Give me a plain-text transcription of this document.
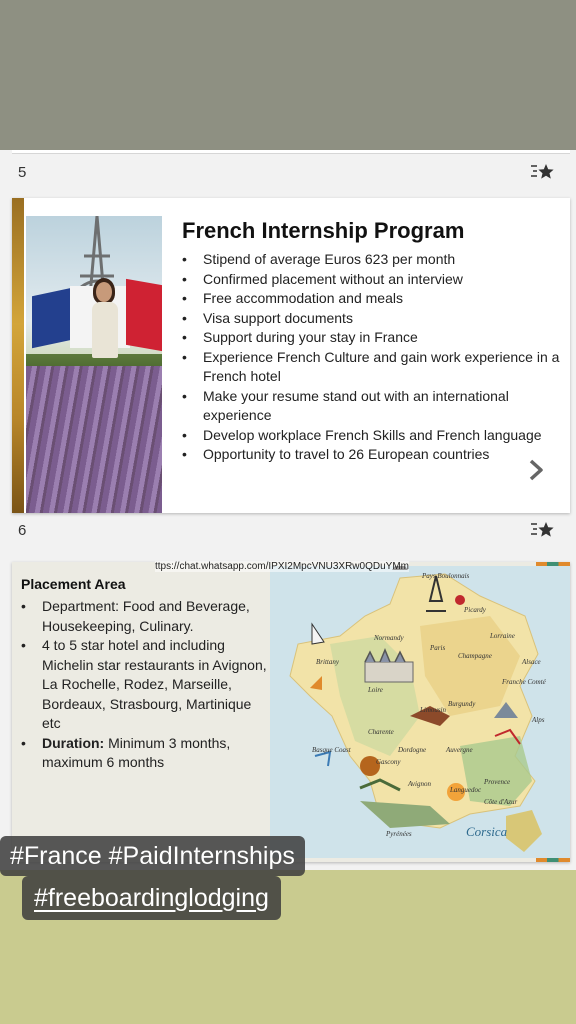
5
French Internship Program
• Stipend of average Euros 623 per month
• Confirmed placement without an interview
• Free accommodation and meals
• Visa support documents
• Support during your stay in France
• Experience French Culture and gain work experience in a French hotel
• Make your resume stand out with an international experience
• Develop workplace French Skills and French language
• Opportunity to travel to 26 European countries
6
Placement Area
• Department: Food and Beverage, Housekeeping, Culinary.
• 4 to 5 star hotel and including Michelin star restaurants in Avignon, La Rochelle, Rodez, Marseille, Bordeaux, Strasbourg, Martinique etc
• Duration: Minimum 3 months, maximum 6 months
Pays Boulonnais
Picardy
Normandy
Paris
Lorraine
Alsace
Brittany
Champagne
Franche Comté
Loire
Burgundy
Limousin
Alps
Charente
Basque Coast	Dordogne	Auvergne
Gascony
Avignon
Languedoc
Provence
Côte d'Azur
Pyrénées	Corsica
ttps://chat.whatsapp.com/IPXI2MpcVNU3XRw0QDuYMm
#France #PaidInternships
#freeboardinglodging
